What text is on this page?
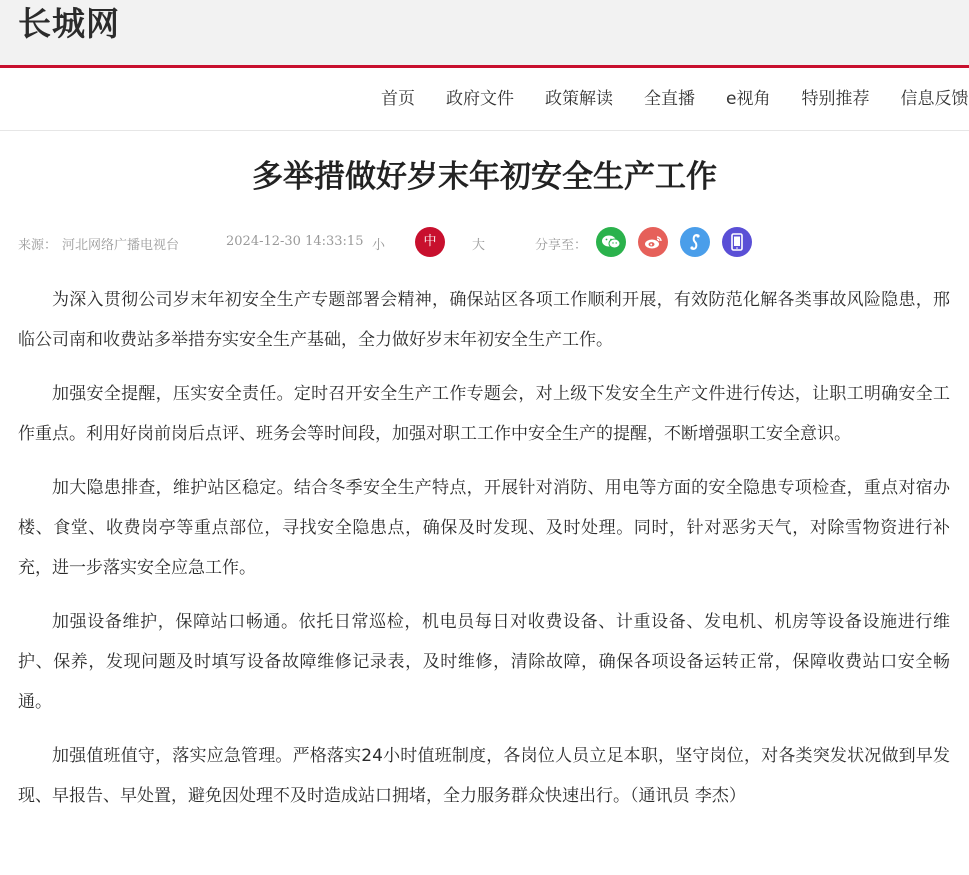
长城网
首页 政府文件 政策解读 全直播 e视角 特别推荐 信息反馈
多举措做好岁末年初安全生产工作
来源： 河北网络广播电视台	2024-12-30 14:33:15 小	中	大	分享至：

为深入贯彻公司岁末年初安全生产专题部署会精神，确保站区各项工作顺利开展，有效防范化解各类事故风险隐患，邢临公司南和收费站多举措夯实安全生产基础，全力做好岁末年初安全生产工作。

加强安全提醒，压实安全责任。定时召开安全生产工作专题会，对上级下发安全生产文件进行传达，让职工明确安全工作重点。利用好岗前岗后点评、班务会等时间段，加强对职工工作中安全生产的提醒，不断增强职工安全意识。

加大隐患排查，维护站区稳定。结合冬季安全生产特点，开展针对消防、用电等方面的安全隐患专项检查，重点对宿办楼、食堂、收费岗亭等重点部位，寻找安全隐患点，确保及时发现、及时处理。同时，针对恶劣天气，对除雪物资进行补充，进一步落实安全应急工作。

加强设备维护，保障站口畅通。依托日常巡检，机电员每日对收费设备、计重设备、发电机、机房等设备设施进行维护、保养，发现问题及时填写设备故障维修记录表，及时维修，清除故障，确保各项设备运转正常，保障收费站口安全畅通。

加强值班值守，落实应急管理。严格落实24小时值班制度，各岗位人员立足本职，坚守岗位，对各类突发状况做到早发现、早报告、早处置，避免因处理不及时造成站口拥堵，全力服务群众快速出行。（通讯员 李杰）
